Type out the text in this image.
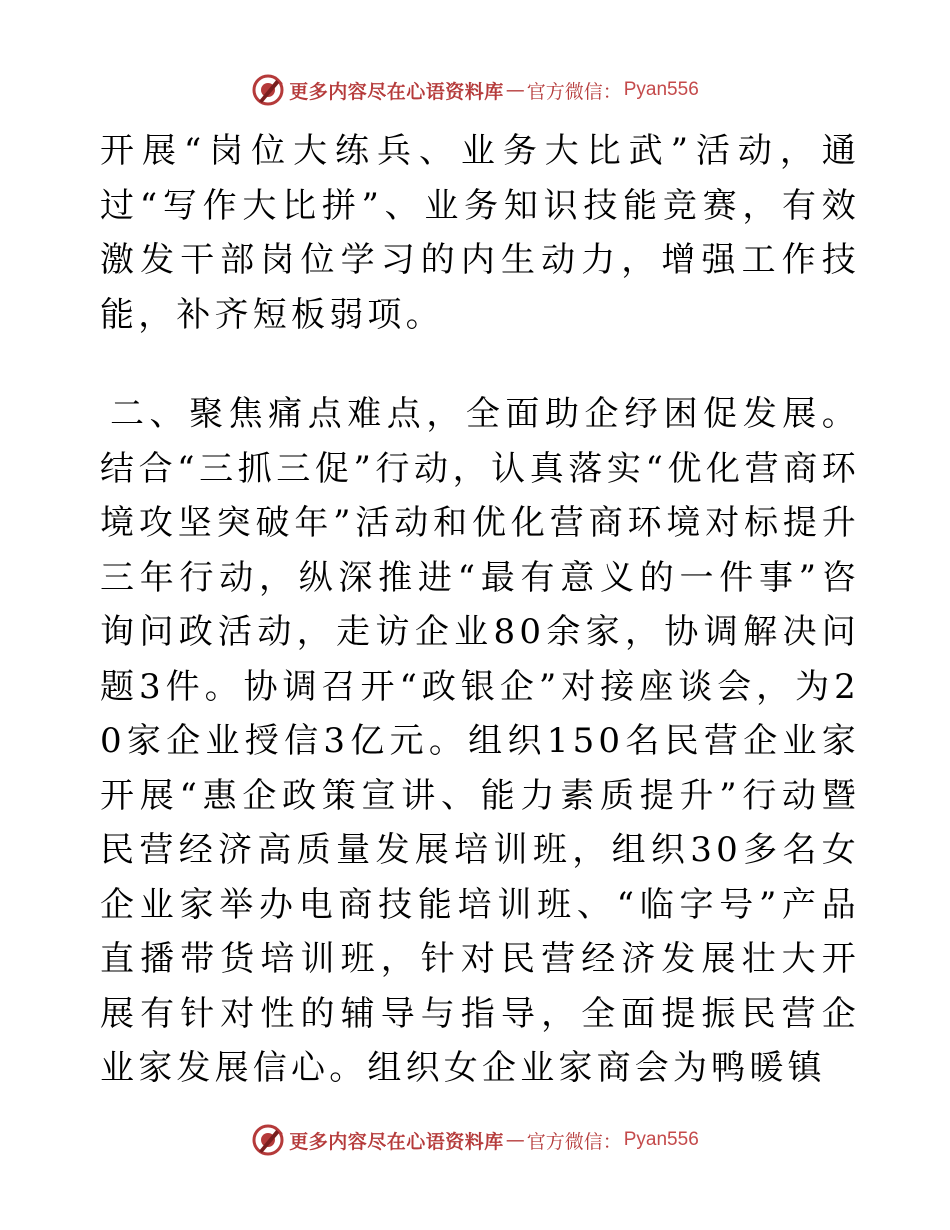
更多内容尽在心语资料库 — 官方微信： Pyan556

开展“岗位大练兵、业务大比武”活动，通过“写作大比拼”、业务知识技能竞赛，有效激发干部岗位学习的内生动力，增强工作技能，补齐短板弱项。

二、聚焦痛点难点，全面助企纾困促发展。结合“三抓三促”行动，认真落实“优化营商环境攻坚突破年”活动和优化营商环境对标提升三年行动，纵深推进“最有意义的一件事”咨询问政活动，走访企业80余家，协调解决问题3件。协调召开“政银企”对接座谈会，为20家企业授信3亿元。组织150名民营企业家开展“惠企政策宣讲、能力素质提升”行动暨民营经济高质量发展培训班，组织30多名女企业家举办电商技能培训班、“临字号”产品直播带货培训班，针对民营经济发展壮大开展有针对性的辅导与指导，全面提振民营企业家发展信心。组织女企业家商会为鸭暖镇

更多内容尽在心语资料库 — 官方微信： Pyan556
